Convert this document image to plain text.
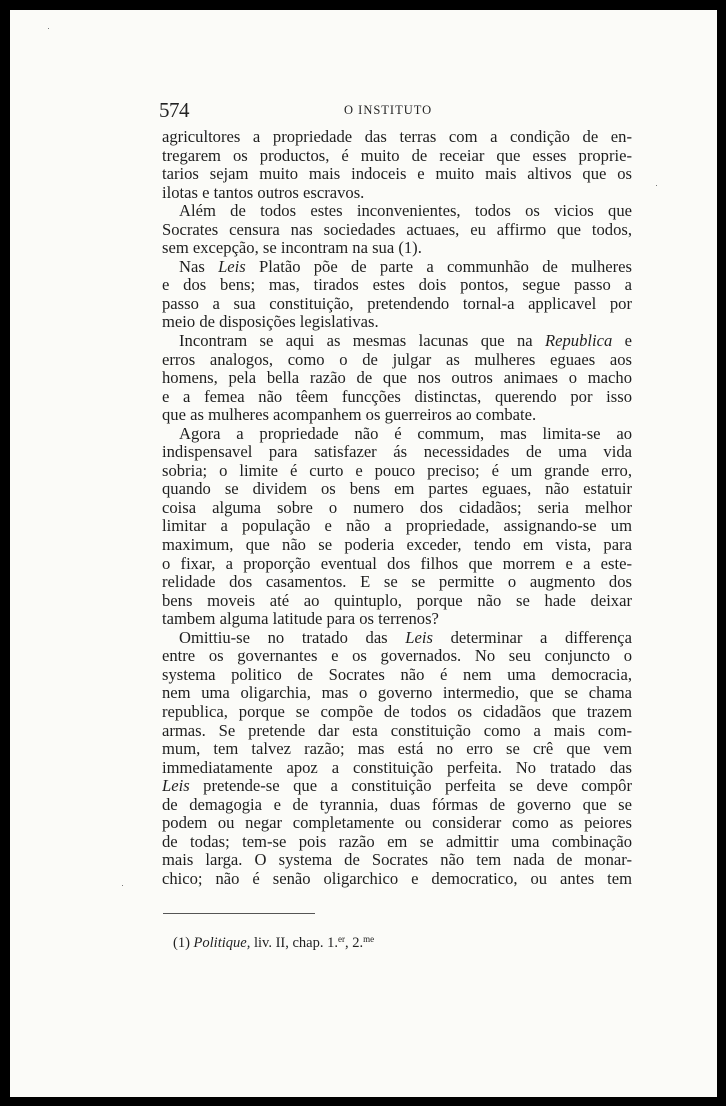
574	O INSTITUTO
agricultores a propriedade das terras com a condição de en-
tregarem os productos, é muito de receiar que esses proprie-
tarios sejam muito mais indoceis e muito mais altivos que os
ilotas e tantos outros escravos.
Além de todos estes inconvenientes, todos os vicios que
Socrates censura nas sociedades actuaes, eu affirmo que todos,
sem excepção, se incontram na sua (1).
Nas Leis Platão põe de parte a communhão de mulheres
e dos bens; mas, tirados estes dois pontos, segue passo a
passo a sua constituição, pretendendo tornal-a applicavel por
meio de disposições legislativas.
Incontram se aqui as mesmas lacunas que na Republica e
erros analogos, como o de julgar as mulheres eguaes aos
homens, pela bella razão de que nos outros animaes o macho
e a femea não têem funcções distinctas, querendo por isso
que as mulheres acompanhem os guerreiros ao combate.
Agora a propriedade não é commum, mas limita-se ao
indispensavel para satisfazer ás necessidades de uma vida
sobria; o limite é curto e pouco preciso; é um grande erro,
quando se dividem os bens em partes eguaes, não estatuir
coisa alguma sobre o numero dos cidadãos; seria melhor
limitar a população e não a propriedade, assignando-se um
maximum, que não se poderia exceder, tendo em vista, para
o fixar, a proporção eventual dos filhos que morrem e a este-
relidade dos casamentos. E se se permitte o augmento dos
bens moveis até ao quintuplo, porque não se hade deixar
tambem alguma latitude para os terrenos?
Omittiu-se no tratado das Leis determinar a differença
entre os governantes e os governados. No seu conjuncto o
systema politico de Socrates não é nem uma democracia,
nem uma oligarchia, mas o governo intermedio, que se chama
republica, porque se compõe de todos os cidadãos que trazem
armas. Se pretende dar esta constituição como a mais com-
mum, tem talvez razão; mas está no erro se crê que vem
immediatamente apoz a constituição perfeita. No tratado das
Leis pretende-se que a constituição perfeita se deve compôr
de demagogia e de tyrannia, duas fórmas de governo que se
podem ou negar completamente ou considerar como as peiores
de todas; tem-se pois razão em se admittir uma combinação
mais larga. O systema de Socrates não tem nada de monar-
chico; não é senão oligarchico e democratico, ou antes tem
(1) Politique, liv. II, chap. 1.$^{er}$, 2.$^{me}$
